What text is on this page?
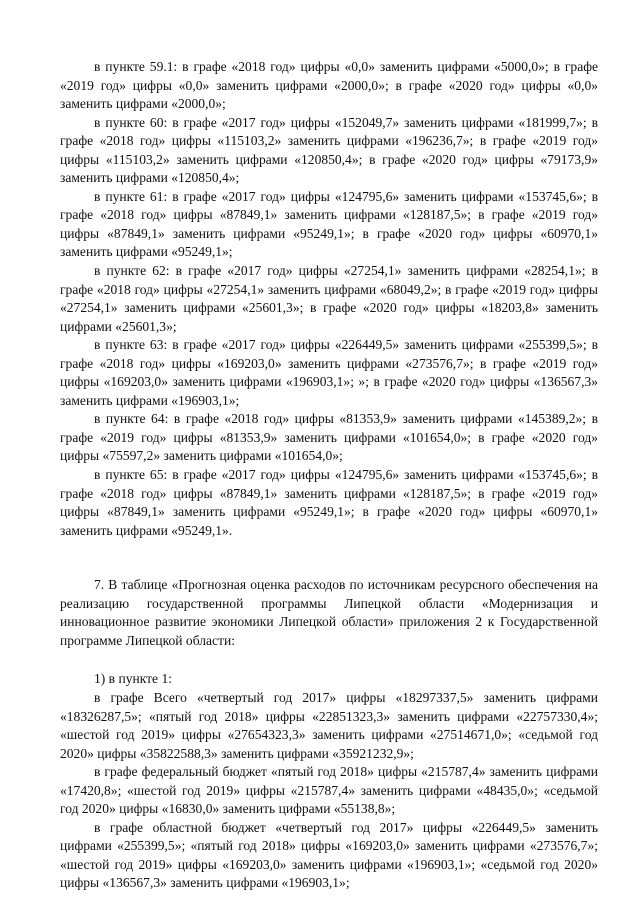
в пункте 59.1: в графе «2018 год» цифры «0,0» заменить цифрами «5000,0»; в графе «2019 год» цифры «0,0» заменить цифрами «2000,0»; в графе «2020 год» цифры «0,0» заменить цифрами «2000,0»;

в пункте 60: в графе «2017 год» цифры «152049,7» заменить цифрами «181999,7»; в графе «2018 год» цифры «115103,2» заменить цифрами «196236,7»; в графе «2019 год» цифры «115103,2» заменить цифрами «120850,4»; в графе «2020 год» цифры «79173,9» заменить цифрами «120850,4»;

в пункте 61: в графе «2017 год» цифры «124795,6» заменить цифрами «153745,6»; в графе «2018 год» цифры «87849,1» заменить цифрами «128187,5»; в графе «2019 год» цифры «87849,1» заменить цифрами «95249,1»; в графе «2020 год» цифры «60970,1» заменить цифрами «95249,1»;

в пункте 62: в графе «2017 год» цифры «27254,1» заменить цифрами «28254,1»; в графе «2018 год» цифры «27254,1» заменить цифрами «68049,2»; в графе «2019 год» цифры «27254,1» заменить цифрами «25601,3»; в графе «2020 год» цифры «18203,8» заменить цифрами «25601,3»;

в пункте 63: в графе «2017 год» цифры «226449,5» заменить цифрами «255399,5»; в графе «2018 год» цифры «169203,0» заменить цифрами «273576,7»; в графе «2019 год» цифры «169203,0» заменить цифрами «196903,1»; »; в графе «2020 год» цифры «136567,3» заменить цифрами «196903,1»;

в пункте 64: в графе «2018 год» цифры «81353,9» заменить цифрами «145389,2»; в графе «2019 год» цифры «81353,9» заменить цифрами «101654,0»; в графе «2020 год» цифры «75597,2» заменить цифрами «101654,0»;

в пункте 65: в графе «2017 год» цифры «124795,6» заменить цифрами «153745,6»; в графе «2018 год» цифры «87849,1» заменить цифрами «128187,5»; в графе «2019 год» цифры «87849,1» заменить цифрами «95249,1»; в графе «2020 год» цифры «60970,1» заменить цифрами «95249,1».

7. В таблице «Прогнозная оценка расходов по источникам ресурсного обеспечения на реализацию государственной программы Липецкой области «Модернизация и инновационное развитие экономики Липецкой области» приложения 2 к Государственной программе Липецкой области:

1) в пункте 1:

в графе Всего «четвертый год 2017» цифры «18297337,5» заменить цифрами «18326287,5»; «пятый год 2018» цифры «22851323,3» заменить цифрами «22757330,4»; «шестой год 2019» цифры «27654323,3» заменить цифрами «27514671,0»; «седьмой год 2020» цифры «35822588,3» заменить цифрами «35921232,9»;

в графе федеральный бюджет «пятый год 2018» цифры «215787,4» заменить цифрами «17420,8»; «шестой год 2019» цифры «215787,4» заменить цифрами «48435,0»; «седьмой год 2020» цифры «16830,0» заменить цифрами «55138,8»;

в графе областной бюджет «четвертый год 2017» цифры «226449,5» заменить цифрами «255399,5»; «пятый год 2018» цифры «169203,0» заменить цифрами «273576,7»; «шестой год 2019» цифры «169203,0» заменить цифрами «196903,1»; «седьмой год 2020» цифры «136567,3» заменить цифрами «196903,1»;
